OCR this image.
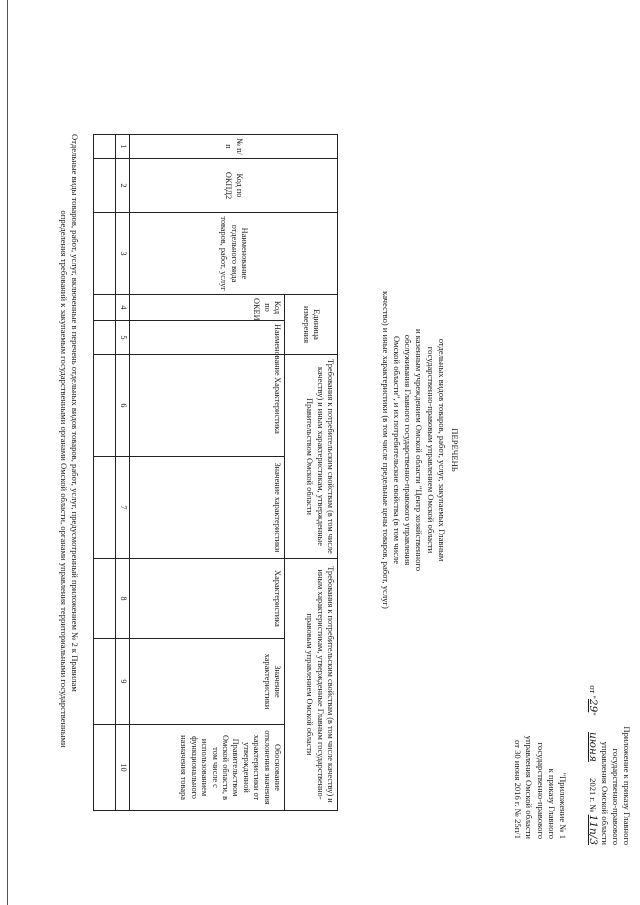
Приложение к приказу Главного
государственно-правового
управления Омской области
от "29" июня 2021 г. № 11п/3
"Приложение № 1
к приказу Главного
государственно-правового
управления Омской области
от 30 июня 2016 г. № 25п/1
ПЕРЕЧЕНЬ
отдельных видов товаров, работ, услуг, закупаемых Главным
государственно-правовым управлением Омской области
и казенным учреждением Омской области "Центр хозяйственного
обслуживания Главного государственно-правового управления
Омской области", и их потребительские свойства (в том числе
качество) и иные характеристики (в том числе предельные цены товаров, работ, услуг)
№ п/п	Код по ОКПД2	Наименование отдельного вида товаров, работ, услуг	Единица измерения		Требования к потребительским свойствам (в том числе качеству) и иным характеристикам, утвержденные Правительством Омской области		Требования к потребительским свойствам (в том числе качеству) и иным характеристикам, утвержденные Главным государственно-правовым управлением Омской области		
			Код по ОКЕИ	Наименование	Характеристика	Значение характеристики	Характеристика	Значение характеристики	Обоснование отклонения значения характеристики от утвержденной Правительством Омской области, в том числе с использованием функционального назначения товара
1	2	3	4	5	6	7	8	9	10

Отдельные виды товаров, работ, услуг, включенные в перечень отдельных видов товаров, работ, услуг, предусмотренный приложением № 2 к Правилам
определения требований к закупаемым государственными органами Омской области, органами управления территориальными государственными
